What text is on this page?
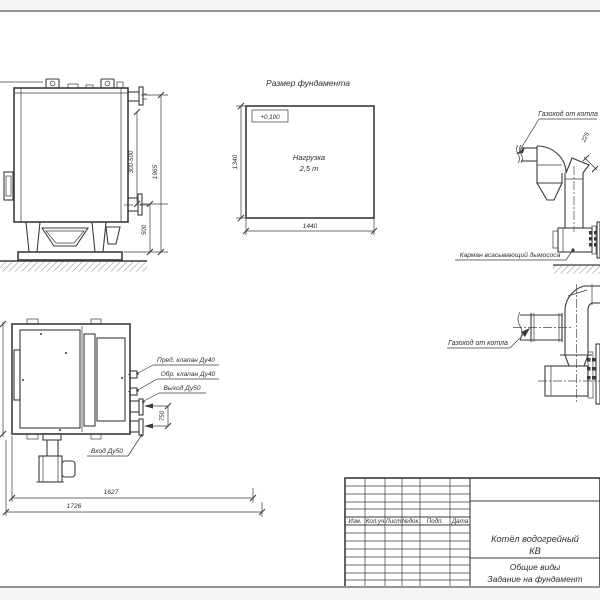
300-500	1965
500
Размер фундамента
+0,100
Нагрузка
2,5 т
1340
1440
Газоход от котла
225
Карман всасывающий дымососа
Газоход от котла
750
Пред. клапан Ду40
Обр. клапан Ду40
Выход Ду50
Вход Ду50
1627
1726
Изм. Кол.уч Лист №док. Подп. Дата
Котёл водогрейный
КВ
Общие виды
Задание на фундамент
